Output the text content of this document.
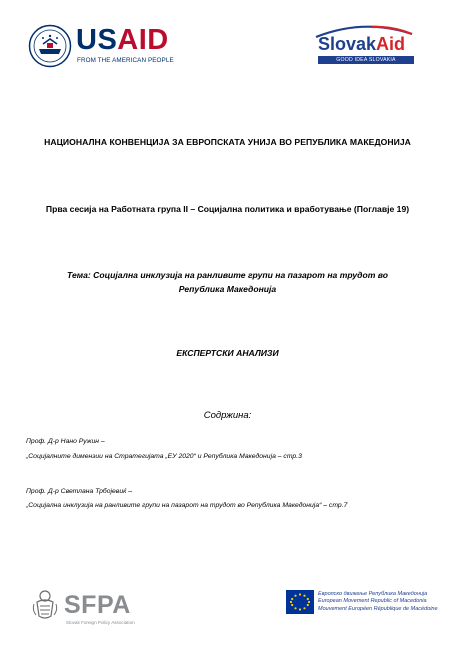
USAID
FROM THE AMERICAN PEOPLE
SlovakAid
GOOD IDEA SLOVAKIA
НАЦИОНАЛНА КОНВЕНЦИЈА ЗА ЕВРОПСКАТА УНИЈА ВО РЕПУБЛИКА МАКЕДОНИЈА
Прва сесија на Работната група II – Социјална политика и вработување (Поглавје 19)
Тема: Социјална инклузија на ранливите групи на пазарот на трудот во
Република Македонија
ЕКСПЕРТСКИ АНАЛИЗИ
Содржина:
Проф. Д-р Нано Ружин –
„Социјалните димензии на Стратегијата „ЕУ 2020“ и Република Македонија – стр.3
Проф. Д-р Светлана Трбојевиќ –
„Социјална инклузија на ранливите групи на пазарот на трудот во Република Македонија“ – стр.7
SFPA
Slovak Foreign Policy Association
Европско движење Република Македонија
European Movement Republic of Macedonia
Mouvement Européen République de Macédoine
